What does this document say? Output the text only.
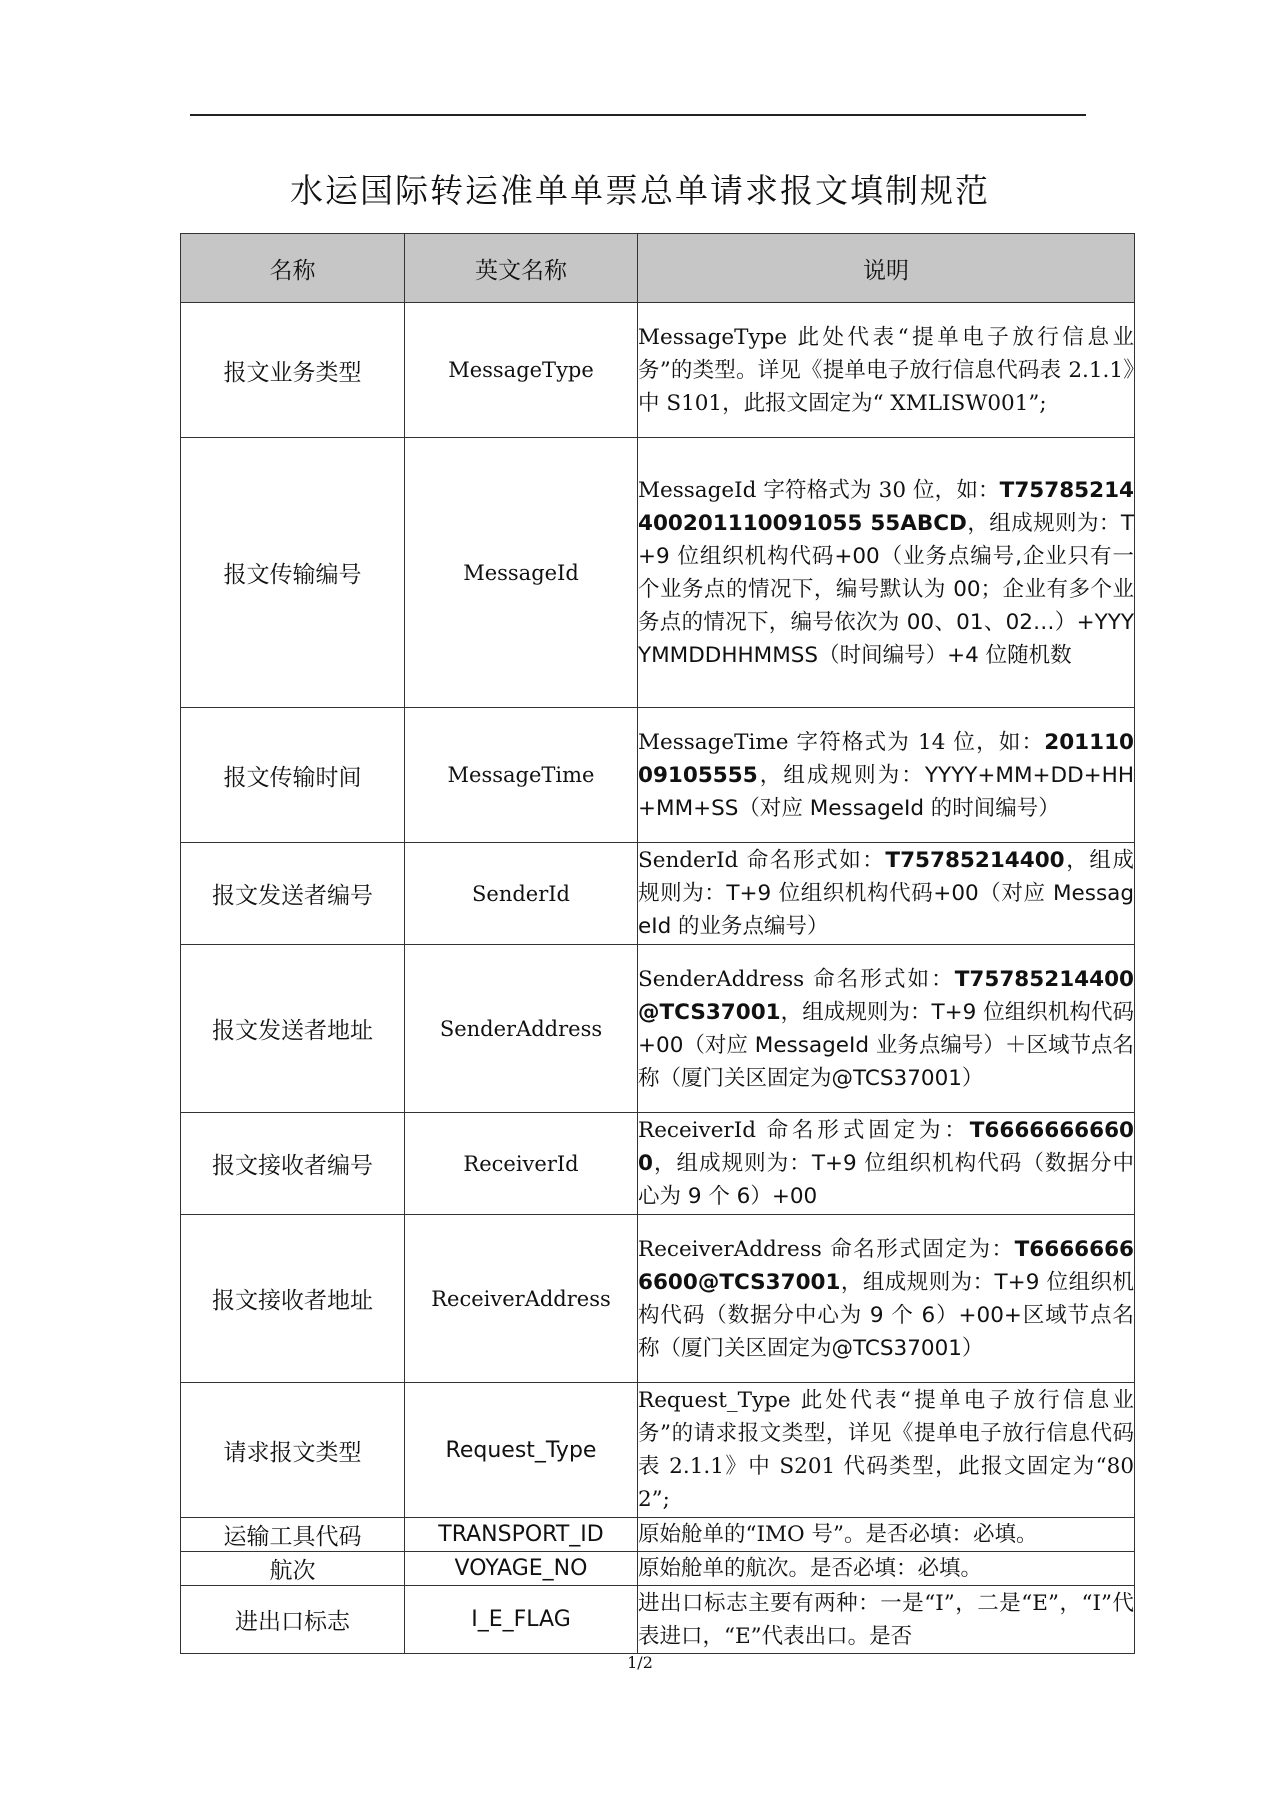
水运国际转运准单单票总单请求报文填制规范
名称	英文名称	说明
报文业务类型	MessageType	MessageType 此处代表“提单电子放行信息业务”的类型。详见《提单电子放行信息代码表 2.1.1》中 S101，此报文固定为“ XMLISW001”;
报文传输编号	MessageId	MessageId 字符格式为 30 位，如：T75785214400201110091055 55ABCD，组成规则为：T+9 位组织机构代码+00（业务点编号,企业只有一个业务点的情况下，编号默认为 00；企业有多个业务点的情况下，编号依次为 00、01、02…）+YYYYMMDDHHMMSS（时间编号）+4 位随机数
报文传输时间	MessageTime	MessageTime 字符格式为 14 位，如：20111009105555，组成规则为：YYYY+MM+DD+HH+MM+SS（对应 MessageId 的时间编号）
报文发送者编号	SenderId	SenderId 命名形式如：T75785214400，组成规则为：T+9 位组织机构代码+00（对应 MessageId 的业务点编号）
报文发送者地址	SenderAddress	SenderAddress 命名形式如：T75785214400@TCS37001，组成规则为：T+9 位组织机构代码+00（对应 MessageId 业务点编号）＋区域节点名称（厦门关区固定为@TCS37001）
报文接收者编号	ReceiverId	ReceiverId 命名形式固定为：T66666666600，组成规则为：T+9 位组织机构代码（数据分中心为 9 个 6）+00
报文接收者地址	ReceiverAddress	ReceiverAddress 命名形式固定为：T66666666600@TCS37001，组成规则为：T+9 位组织机构代码（数据分中心为 9 个 6）+00+区域节点名称（厦门关区固定为@TCS37001）
请求报文类型	Request_Type	Request_Type 此处代表“提单电子放行信息业务”的请求报文类型，详见《提单电子放行信息代码表 2.1.1》中 S201 代码类型，此报文固定为“802”;
运输工具代码	TRANSPORT_ID	原始舱单的“IMO 号”。是否必填：必填。
航次	VOYAGE_NO	原始舱单的航次。是否必填：必填。
进出口标志	I_E_FLAG	进出口标志主要有两种：一是“I”，二是“E”，“I”代表进口，“E”代表出口。是否
1/2
